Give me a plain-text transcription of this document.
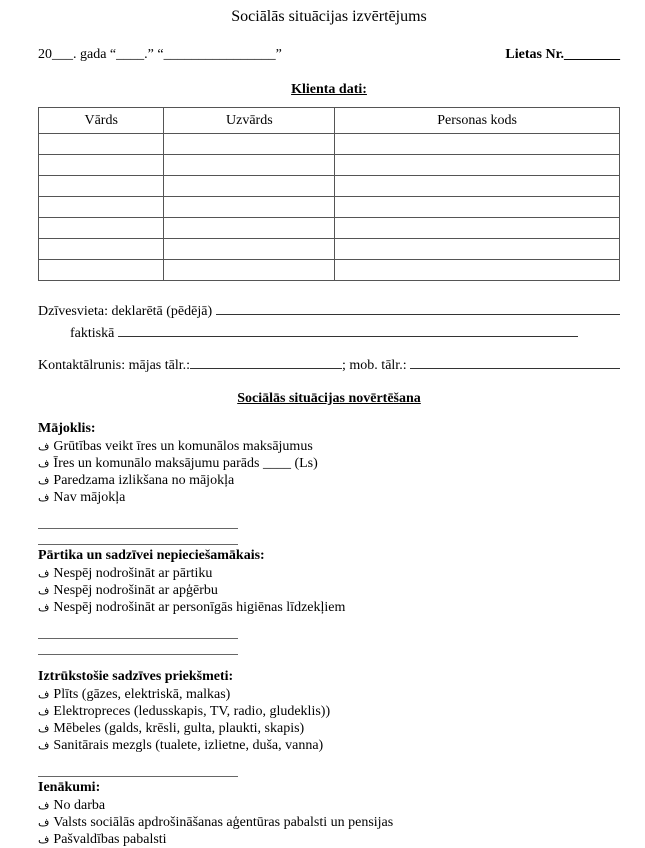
Sociālās situācijas izvērtējums
20___. gada “____.” “________________”	Lietas Nr.________
Klienta dati:
Vārds	Uzvārds	Personas kods

Dzīvesvieta: deklarētā (pēdējā)
faktiskā
Kontaktālrunis: mājas tālr.:	; mob. tālr.:
Sociālās situācijas novērtēšana
Mājoklis:
ف Grūtības veikt īres un komunālos maksājumus
ف Īres un komunālo maksājumu parāds ____ (Ls)
ف Paredzama izlikšana no mājokļa
ف Nav mājokļa
Pārtika un sadzīvei nepieciešamākais:
ف Nespēj nodrošināt ar pārtiku
ف Nespēj nodrošināt ar apģērbu
ف Nespēj nodrošināt ar personīgās higiēnas līdzekļiem
Iztrūkstošie sadzīves priekšmeti:
ف Plīts (gāzes, elektriskā, malkas)
ف Elektropreces (ledusskapis, TV, radio, gludeklis))
ف Mēbeles (galds, krēsli, gulta, plaukti, skapis)
ف Sanitārais mezgls (tualete, izlietne, duša, vanna)
Ienākumi:
ف No darba
ف Valsts sociālās apdrošināšanas aģentūras pabalsti un pensijas
ف Pašvaldības pabalsti
